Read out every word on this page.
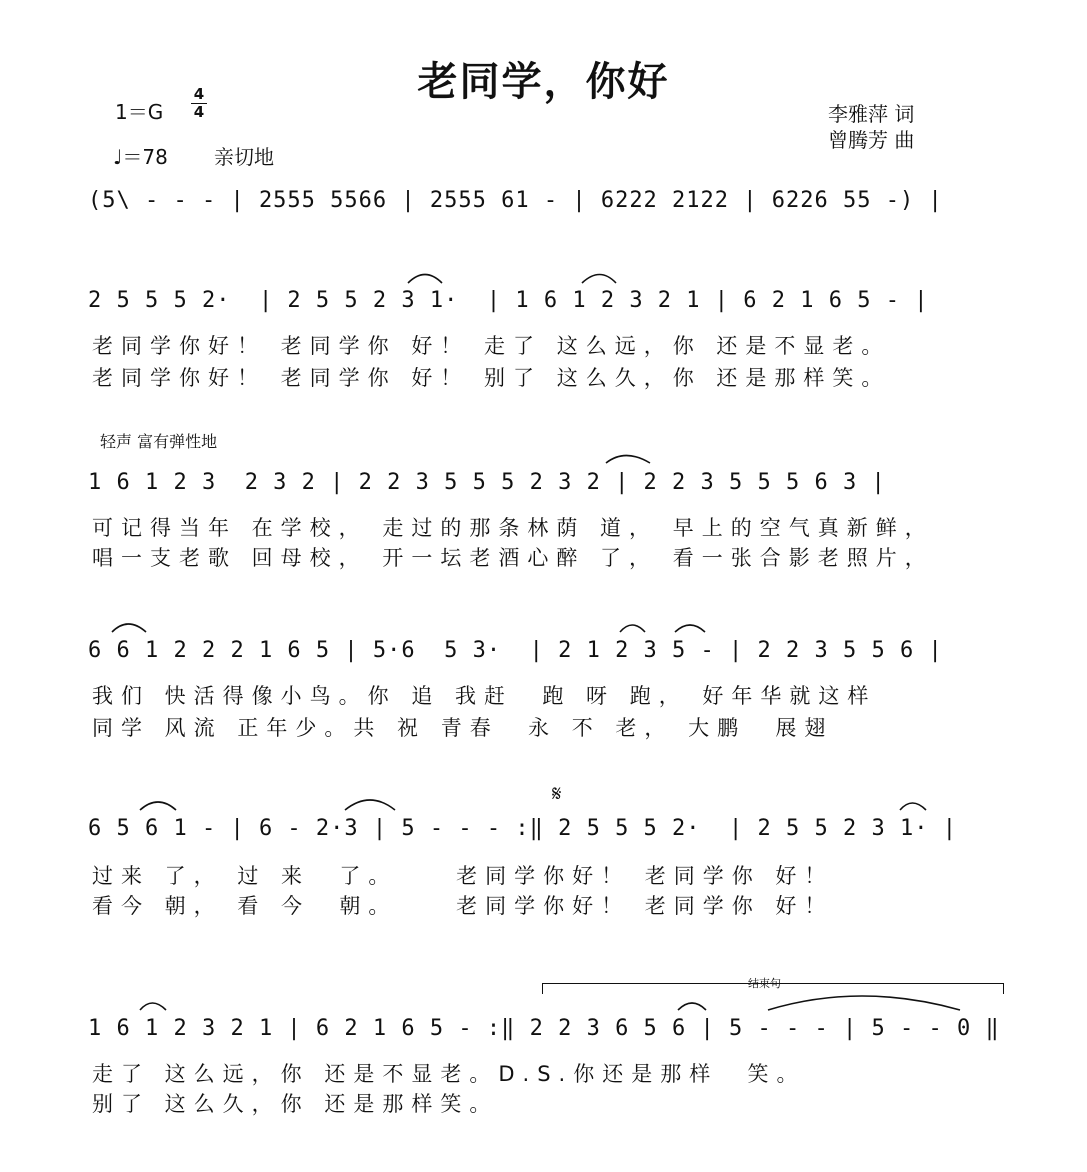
老同学，你好
1＝G
4
4
♩＝78 亲切地
李雅萍 词
曾腾芳 曲
(5\ - - - | 2555 5566 | 2555 61 - | 6222 2122 | 6226 55 -) |
2 5 5 5 2·  | 2 5 5 2 3 1·  | 1 6 1 2 3 2 1 | 6 2 1 6 5 - |
老同学你好！ 老同学你 好！ 走了 这么远，你 还是不显老。
老同学你好！ 老同学你 好！ 别了 这么久，你 还是那样笑。
轻声 富有弹性地
1 6 1 2 3  2 3 2 | 2 2 3 5 5 5 2 3 2 | 2 2 3 5 5 5 6 3 |
可记得当年 在学校， 走过的那条林荫 道， 早上的空气真新鲜，
唱一支老歌 回母校， 开一坛老酒心醉 了， 看一张合影老照片，
6 6 1 2 2 2 1 6 5 | 5·6  5 3·  | 2 1 2 3 5 - | 2 2 3 5 5 6 |
我们 快活得像小鸟。你 追 我赶  跑 呀 跑， 好年华就这样
同学 风流 正年少。共 祝 青春  永 不 老， 大鹏  展翅
𝄋
6 5 6 1 - | 6 - 2·3 | 5 - - - :‖ 2 5 5 5 2·  | 2 5 5 2 3 1· |
过来 了， 过 来  了。    老同学你好！ 老同学你 好！
看今 朝， 看 今  朝。    老同学你好！ 老同学你 好！
结束句
1 6 1 2 3 2 1 | 6 2 1 6 5 - :‖ 2 2 3 6 5 6 | 5 - - - | 5 - - 0 ‖
走了 这么远，你 还是不显老。D.S.你还是那样  笑。
别了 这么久，你 还是那样笑。
